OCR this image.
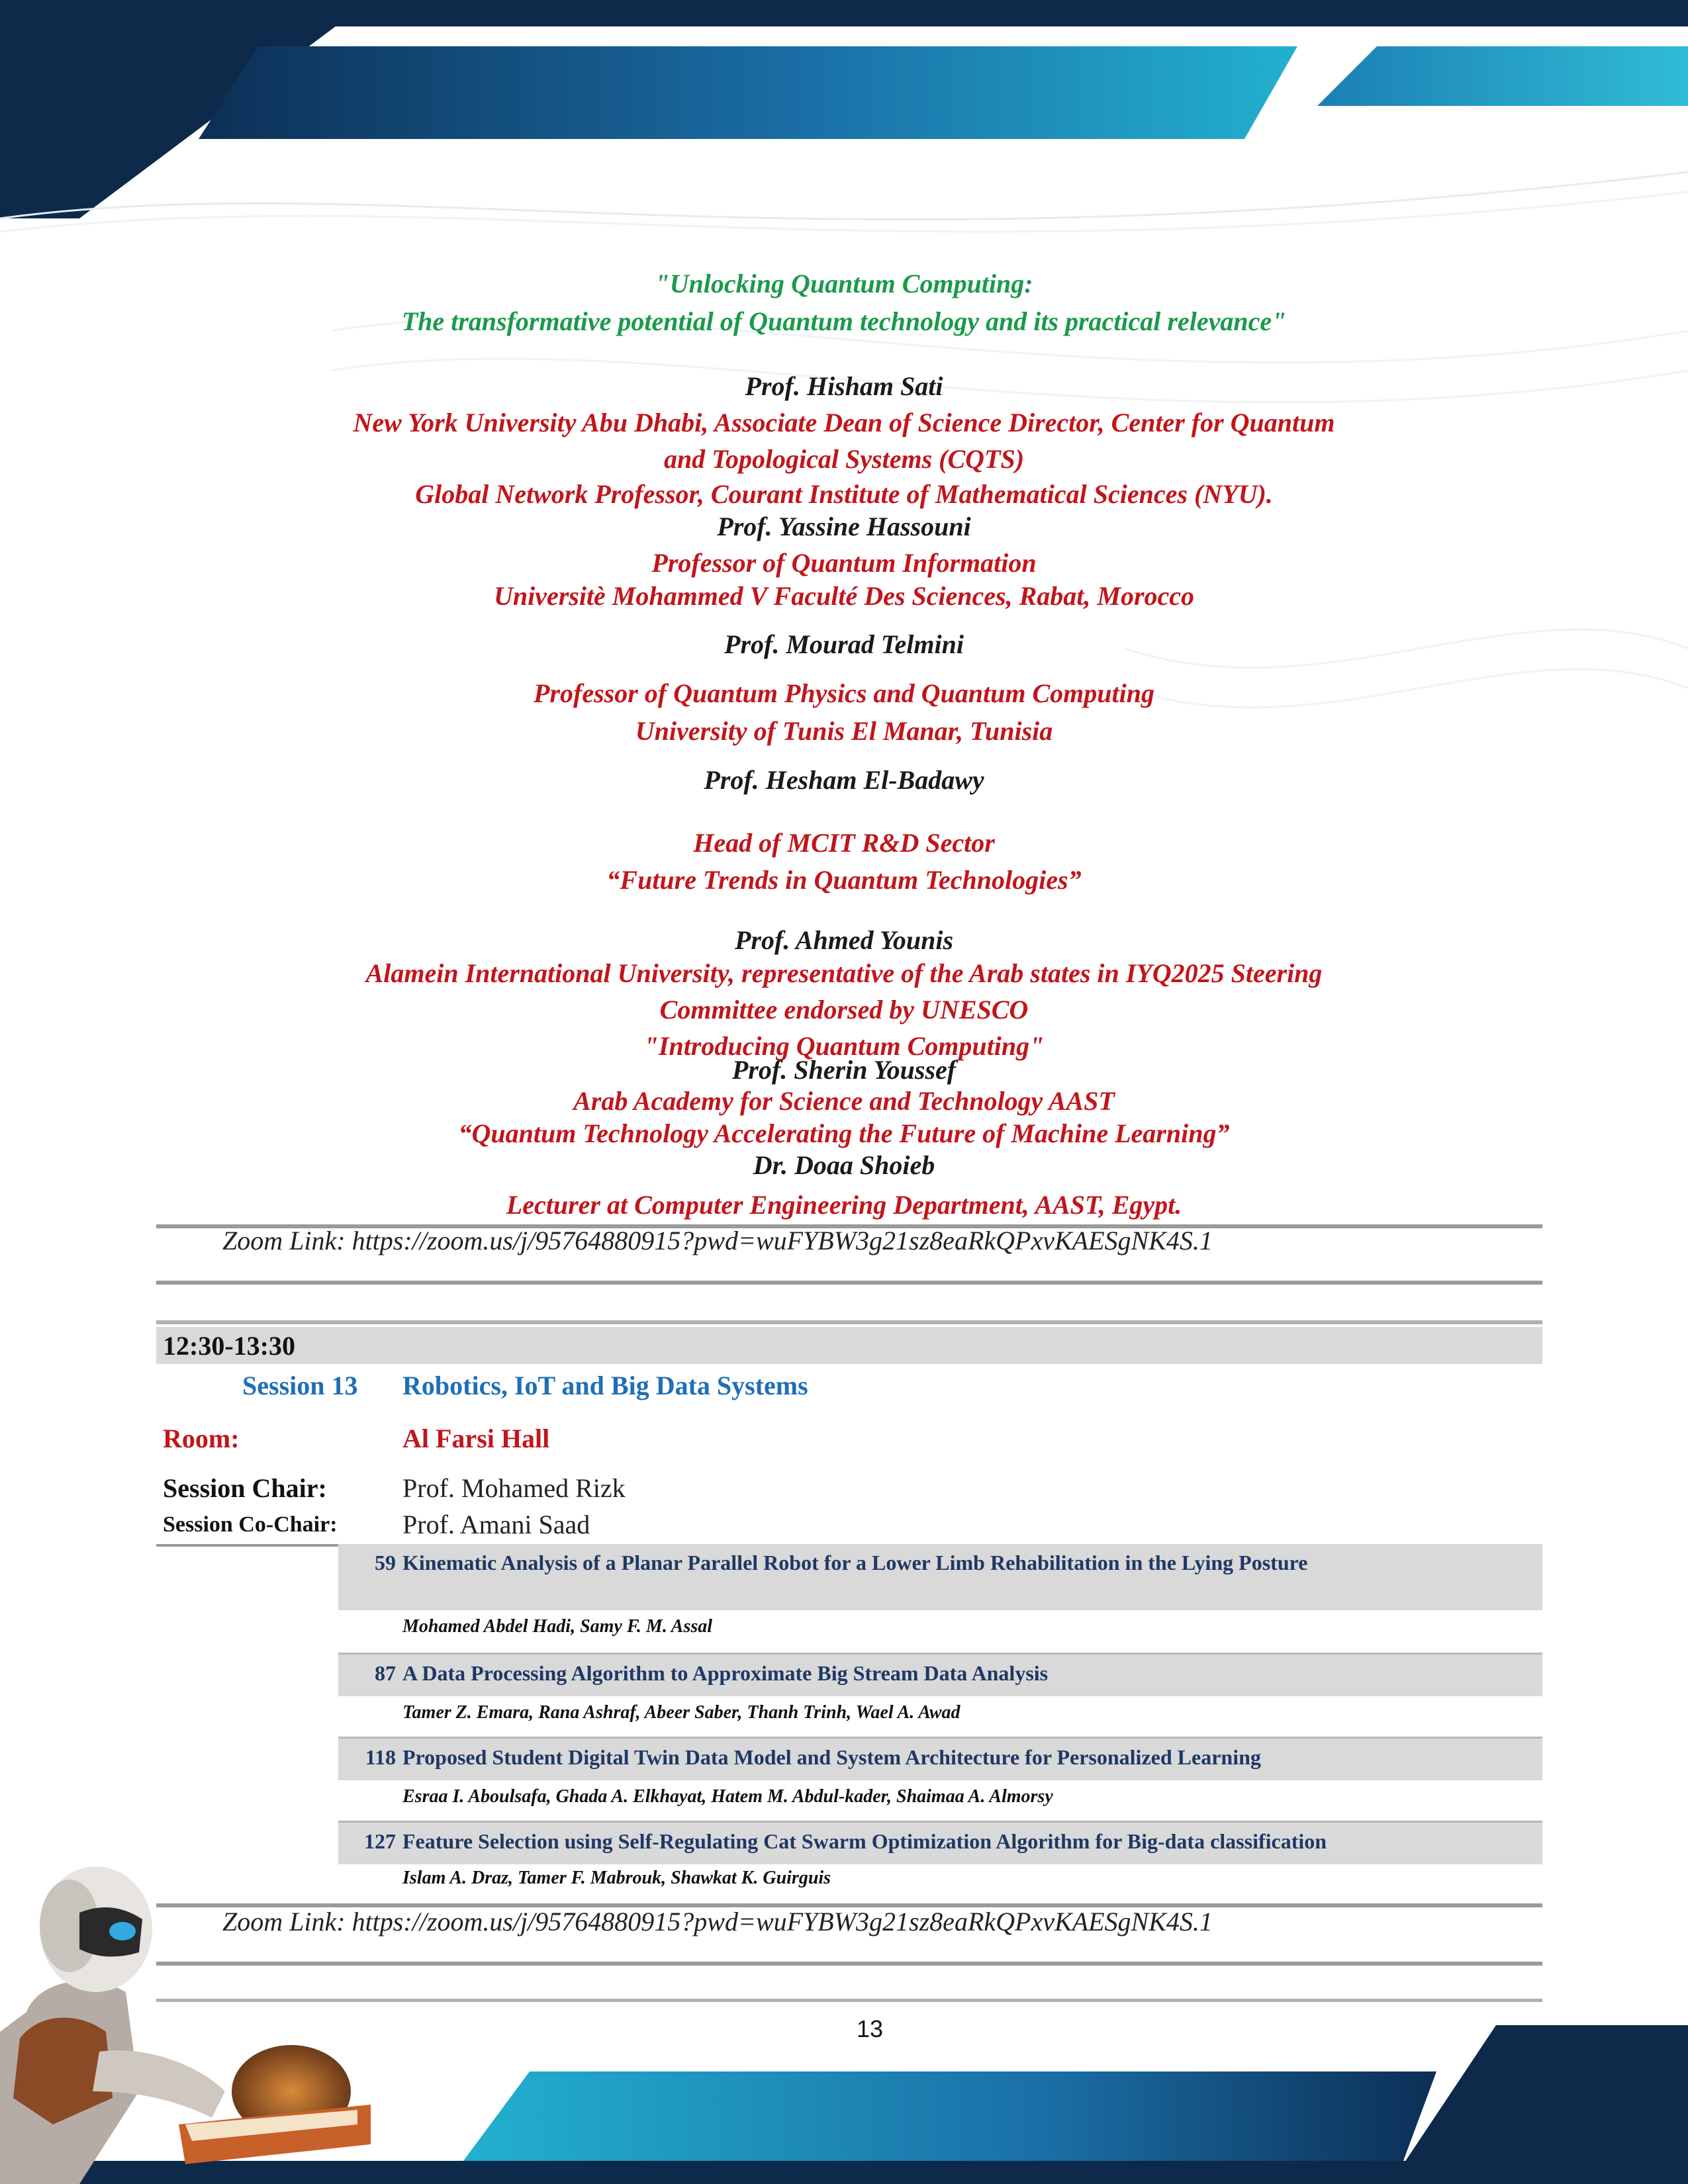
"Unlocking Quantum Computing:
The transformative potential of Quantum technology and its practical relevance"
Prof. Hisham Sati
New York University Abu Dhabi, Associate Dean of Science Director, Center for Quantum
and Topological Systems (CQTS)
Global Network Professor, Courant Institute of Mathematical Sciences (NYU).
Prof. Yassine Hassouni
Professor of Quantum Information
Universitè Mohammed V Faculté Des Sciences, Rabat, Morocco
Prof. Mourad Telmini
Professor of Quantum Physics and Quantum Computing
University of Tunis El Manar, Tunisia
Prof. Hesham El-Badawy
Head of MCIT R&D Sector
“Future Trends in Quantum Technologies”
Prof. Ahmed Younis
Alamein International University, representative of the Arab states in IYQ2025 Steering
Committee endorsed by UNESCO
"Introducing Quantum Computing"
Prof. Sherin Youssef
Arab Academy for Science and Technology AAST
“Quantum Technology Accelerating the Future of Machine Learning”
Dr. Doaa Shoieb
Lecturer at Computer Engineering Department, AAST, Egypt.
Zoom Link: https://zoom.us/j/95764880915?pwd=wuFYBW3g21sz8eaRkQPxvKAESgNK4S.1
12:30-13:30
Session 13 Robotics, IoT and Big Data Systems
Room:	Al Farsi Hall
Session Chair:	Prof. Mohamed Rizk
Session Co-Chair: Prof. Amani Saad
59 Kinematic Analysis of a Planar Parallel Robot for a Lower Limb Rehabilitation in the Lying Posture
Mohamed Abdel Hadi, Samy F. M. Assal
87 A Data Processing Algorithm to Approximate Big Stream Data Analysis
Tamer Z. Emara, Rana Ashraf, Abeer Saber, Thanh Trinh, Wael A. Awad
118 Proposed Student Digital Twin Data Model and System Architecture for Personalized Learning
Esraa I. Aboulsafa, Ghada A. Elkhayat, Hatem M. Abdul-kader, Shaimaa A. Almorsy
127 Feature Selection using Self-Regulating Cat Swarm Optimization Algorithm for Big-data classification
Islam A. Draz, Tamer F. Mabrouk, Shawkat K. Guirguis
Zoom Link: https://zoom.us/j/95764880915?pwd=wuFYBW3g21sz8eaRkQPxvKAESgNK4S.1
13
